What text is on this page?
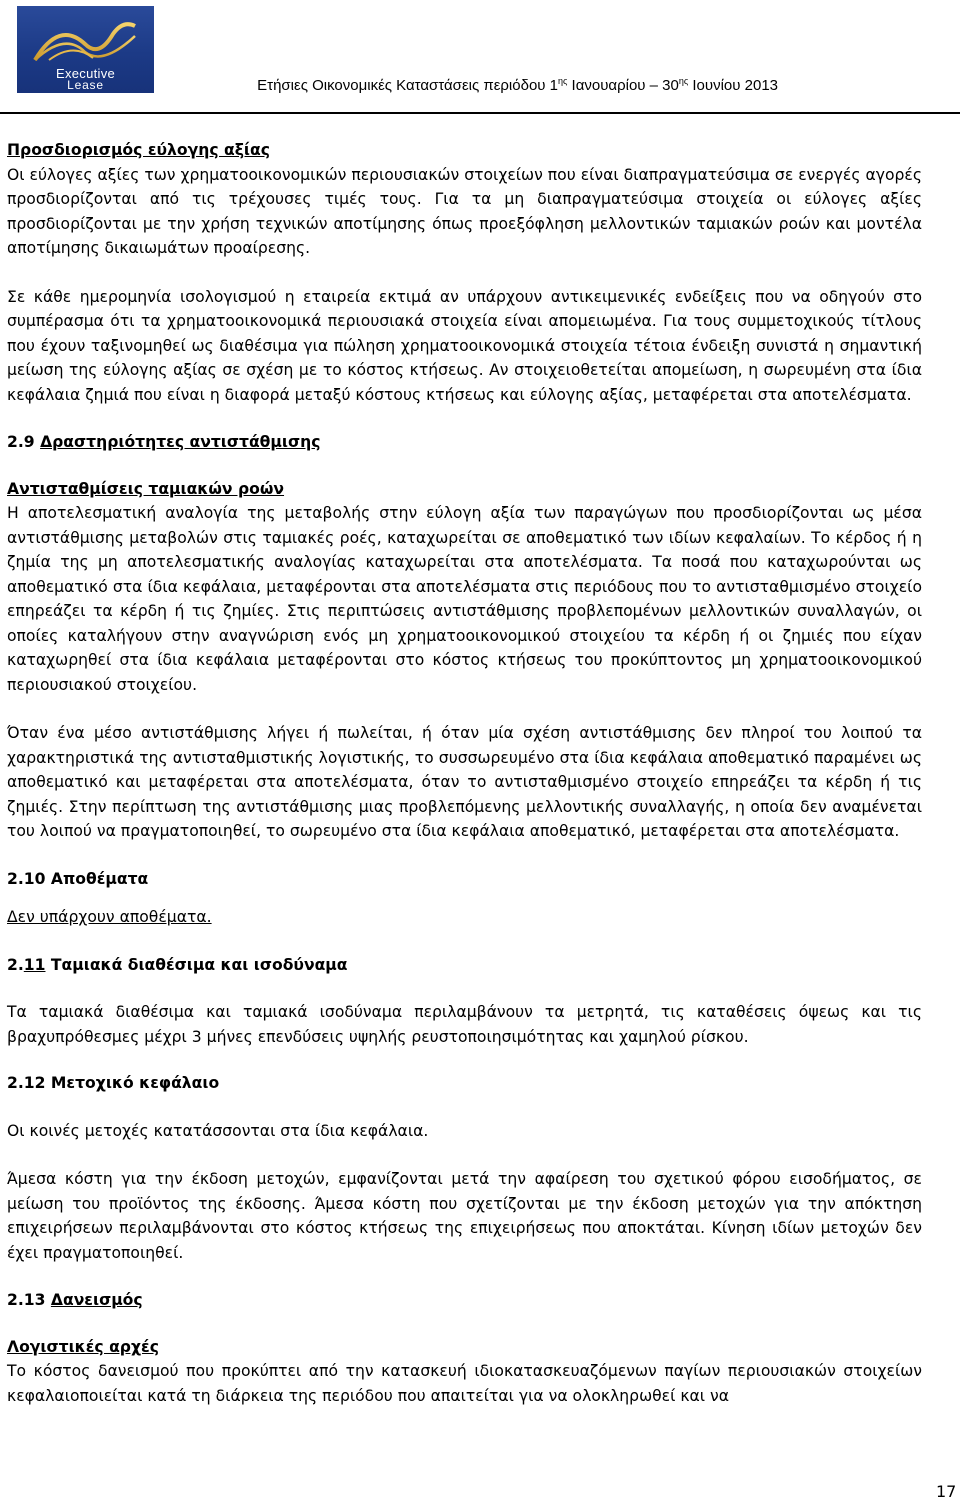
Executive
Lease	Ετήσιες Οικονομικές Καταστάσεις περιόδου $1^{\eta\varsigma}$ Ιανουαρίου – $30^{\eta\varsigma}$ Ιουνίου 2013

Προσδιορισμός εύλογης αξίας

Οι εύλογες αξίες των χρηματοοικονομικών περιουσιακών στοιχείων που είναι διαπραγματεύσιμα σε ενεργές αγορές προσδιορίζονται από τις τρέχουσες τιμές τους. Για τα μη διαπραγματεύσιμα στοιχεία οι εύλογες αξίες προσδιορίζονται με την χρήση τεχνικών αποτίμησης όπως προεξόφληση μελλοντικών ταμιακών ροών και μοντέλα αποτίμησης δικαιωμάτων προαίρεσης.

Σε κάθε ημερομηνία ισολογισμού η εταιρεία εκτιμά αν υπάρχουν αντικειμενικές ενδείξεις που να οδηγούν στο συμπέρασμα ότι τα χρηματοοικονομικά περιουσιακά στοιχεία είναι απομειωμένα. Για τους συμμετοχικούς τίτλους που έχουν ταξινομηθεί ως διαθέσιμα για πώληση χρηματοοικονομικά στοιχεία τέτοια ένδειξη συνιστά η σημαντική μείωση της εύλογης αξίας σε σχέση με το κόστος κτήσεως. Αν στοιχειοθετείται απομείωση, η σωρευμένη στα ίδια κεφάλαια ζημιά που είναι η διαφορά μεταξύ κόστους κτήσεως και εύλογης αξίας, μεταφέρεται στα αποτελέσματα.

2.9 Δραστηριότητες αντιστάθμισης

Αντισταθμίσεις ταμιακών ροών

Η αποτελεσματική αναλογία της μεταβολής στην εύλογη αξία των παραγώγων που προσδιορίζονται ως μέσα αντιστάθμισης μεταβολών στις ταμιακές ροές, καταχωρείται σε αποθεματικό των ιδίων κεφαλαίων. Το κέρδος ή η ζημία της μη αποτελεσματικής αναλογίας καταχωρείται στα αποτελέσματα. Τα ποσά που καταχωρούνται ως αποθεματικό στα ίδια κεφάλαια, μεταφέρονται στα αποτελέσματα στις περιόδους που το αντισταθμισμένο στοιχείο επηρεάζει τα κέρδη ή τις ζημίες. Στις περιπτώσεις αντιστάθμισης προβλεπομένων μελλοντικών συναλλαγών, οι οποίες καταλήγουν στην αναγνώριση ενός μη χρηματοοικονομικού στοιχείου τα κέρδη ή οι ζημιές που είχαν καταχωρηθεί στα ίδια κεφάλαια μεταφέρονται στο κόστος κτήσεως του προκύπτοντος μη χρηματοοικονομικού περιουσιακού στοιχείου.

Όταν ένα μέσο αντιστάθμισης λήγει ή πωλείται, ή όταν μία σχέση αντιστάθμισης δεν πληροί του λοιπού τα χαρακτηριστικά της αντισταθμιστικής λογιστικής, το συσσωρευμένο στα ίδια κεφάλαια αποθεματικό παραμένει ως αποθεματικό και μεταφέρεται στα αποτελέσματα, όταν το αντισταθμισμένο στοιχείο επηρεάζει τα κέρδη ή τις ζημιές. Στην περίπτωση της αντιστάθμισης μιας προβλεπόμενης μελλοντικής συναλλαγής, η οποία δεν αναμένεται του λοιπού να πραγματοποιηθεί, το σωρευμένο στα ίδια κεφάλαια αποθεματικό, μεταφέρεται στα αποτελέσματα.

2.10 Αποθέματα

Δεν υπάρχουν αποθέματα.

2.11 Ταμιακά διαθέσιμα και ισοδύναμα

Τα ταμιακά διαθέσιμα και ταμιακά ισοδύναμα περιλαμβάνουν τα μετρητά, τις καταθέσεις όψεως και τις βραχυπρόθεσμες μέχρι 3 μήνες επενδύσεις υψηλής ρευστοποιησιμότητας και χαμηλού ρίσκου.

2.12 Μετοχικό κεφάλαιο

Οι κοινές μετοχές κατατάσσονται στα ίδια κεφάλαια.

Άμεσα κόστη για την έκδοση μετοχών, εμφανίζονται μετά την αφαίρεση του σχετικού φόρου εισοδήματος, σε μείωση του προϊόντος της έκδοσης. Άμεσα κόστη που σχετίζονται με την έκδοση μετοχών για την απόκτηση επιχειρήσεων περιλαμβάνονται στο κόστος κτήσεως της επιχειρήσεως που αποκτάται. Κίνηση ιδίων μετοχών δεν έχει πραγματοποιηθεί.

2.13 Δανεισμός

Λογιστικές αρχές

Το κόστος δανεισμού που προκύπτει από την κατασκευή ιδιοκατασκευαζόμενων παγίων περιουσιακών στοιχείων κεφαλαιοποιείται κατά τη διάρκεια της περιόδου που απαιτείται για να ολοκληρωθεί και να

17
